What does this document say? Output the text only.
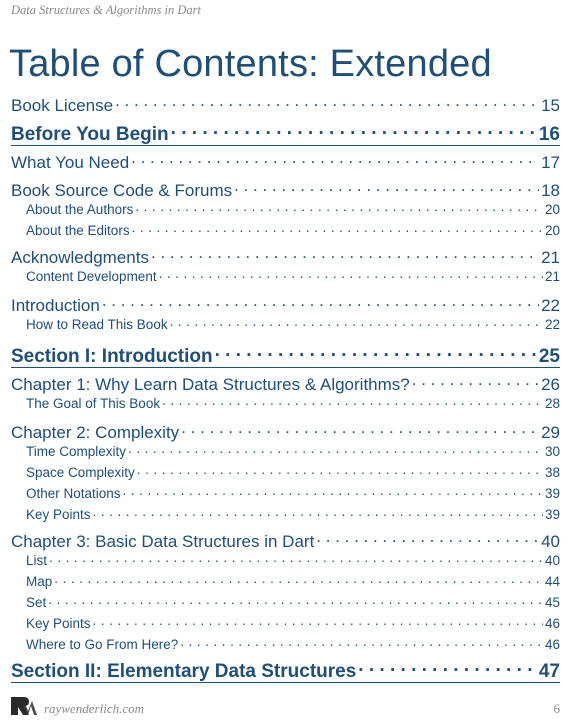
Data Structures & Algorithms in Dart
Table of Contents: Extended
Book License . . .	15
Before You Begin . . .	16
What You Need . . .	17
Book Source Code & Forums . . .	18
About the Authors . . .	20
About the Editors . . .	20
Acknowledgments . . .	21
Content Development . . .	21
Introduction . . .	22
How to Read This Book . . .	22
Section I: Introduction . . .	25
Chapter 1: Why Learn Data Structures & Algorithms? . . .	26
The Goal of This Book . . .	28
Chapter 2: Complexity . . .	29
Time Complexity . . .	30
Space Complexity . . .	38
Other Notations . . .	39
Key Points . . .	39
Chapter 3: Basic Data Structures in Dart . . .	40
List . . .	40
Map . . .	44
Set . . .	45
Key Points . . .	46
Where to Go From Here? . . .	46
Section II: Elementary Data Structures . . .	47
raywenderlich.com	6
